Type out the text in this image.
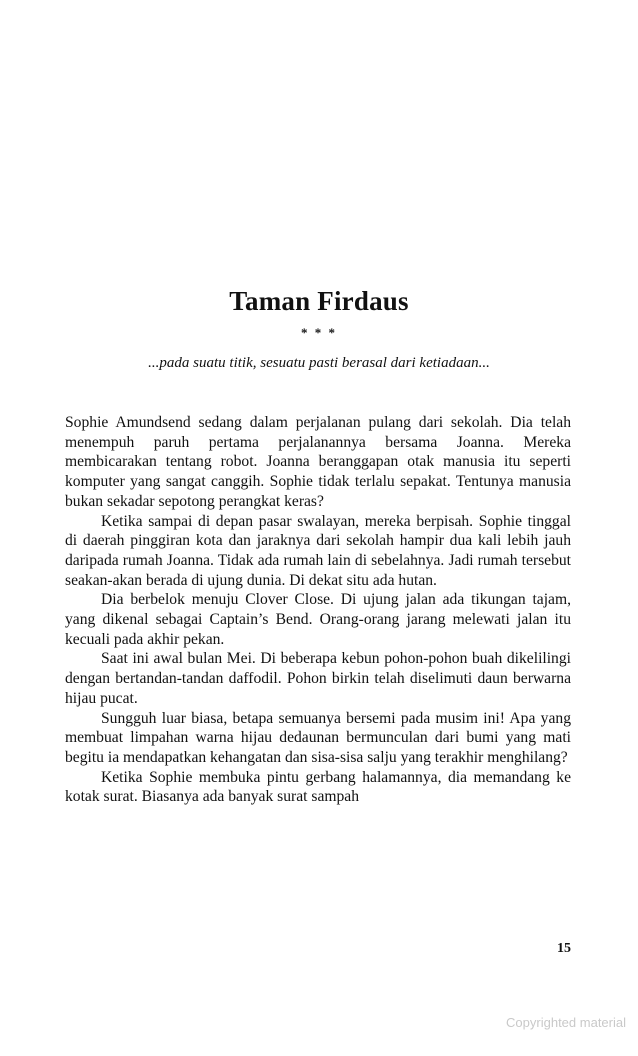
Taman Firdaus
* * *
...pada suatu titik, sesuatu pasti berasal dari ketiadaan...

Sophie Amundsend sedang dalam perjalanan pulang dari sekolah. Dia telah menempuh paruh pertama perjalanannya bersama Joanna. Mereka membicarakan tentang robot. Joanna beranggapan otak manusia itu seperti komputer yang sangat canggih. Sophie tidak terlalu sepakat. Tentunya manusia bukan sekadar sepotong perangkat keras?

Ketika sampai di depan pasar swalayan, mereka berpisah. Sophie tinggal di daerah pinggiran kota dan jaraknya dari sekolah hampir dua kali lebih jauh daripada rumah Joanna. Tidak ada rumah lain di sebelahnya. Jadi rumah tersebut seakan-akan berada di ujung dunia. Di dekat situ ada hutan.

Dia berbelok menuju Clover Close. Di ujung jalan ada tikungan tajam, yang dikenal sebagai Captain’s Bend. Orang-orang jarang melewati jalan itu kecuali pada akhir pekan.

Saat ini awal bulan Mei. Di beberapa kebun pohon-pohon buah dikelilingi dengan bertandan-tandan daffodil. Pohon birkin telah diselimuti daun berwarna hijau pucat.

Sungguh luar biasa, betapa semuanya bersemi pada musim ini! Apa yang membuat limpahan warna hijau dedaunan bermunculan dari bumi yang mati begitu ia mendapatkan kehangatan dan sisa-sisa salju yang terakhir menghilang?

Ketika Sophie membuka pintu gerbang halamannya, dia memandang ke kotak surat. Biasanya ada banyak surat sampah

15
Copyrighted material
